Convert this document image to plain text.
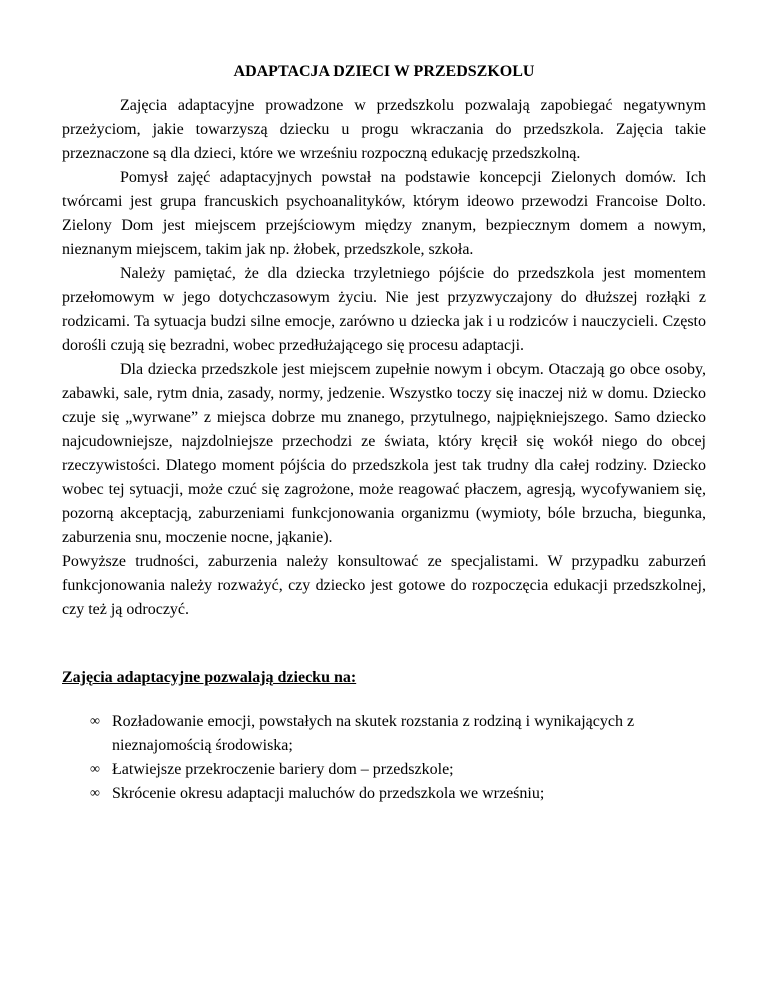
ADAPTACJA DZIECI W PRZEDSZKOLU

Zajęcia adaptacyjne prowadzone w przedszkolu pozwalają zapobiegać negatywnym przeżyciom, jakie towarzyszą dziecku u progu wkraczania do przedszkola. Zajęcia takie przeznaczone są dla dzieci, które we wrześniu rozpoczną edukację przedszkolną.

Pomysł zajęć adaptacyjnych powstał na podstawie koncepcji Zielonych domów. Ich twórcami jest grupa francuskich psychoanalityków, którym ideowo przewodzi Francoise Dolto. Zielony Dom jest miejscem przejściowym między znanym, bezpiecznym domem a nowym, nieznanym miejscem, takim jak np. żłobek, przedszkole, szkoła.

Należy pamiętać, że dla dziecka trzyletniego pójście do przedszkola jest momentem przełomowym w jego dotychczasowym życiu. Nie jest przyzwyczajony do dłuższej rozłąki z rodzicami. Ta sytuacja budzi silne emocje, zarówno u dziecka jak i u rodziców i nauczycieli. Często dorośli czują się bezradni, wobec przedłużającego się procesu adaptacji.

Dla dziecka przedszkole jest miejscem zupełnie nowym i obcym. Otaczają go obce osoby, zabawki, sale, rytm dnia, zasady, normy, jedzenie. Wszystko toczy się inaczej niż w domu. Dziecko czuje się „wyrwane” z miejsca dobrze mu znanego, przytulnego, najpiękniejszego. Samo dziecko najcudowniejsze, najzdolniejsze przechodzi ze świata, który kręcił się wokół niego do obcej rzeczywistości. Dlatego moment pójścia do przedszkola jest tak trudny dla całej rodziny. Dziecko wobec tej sytuacji, może czuć się zagrożone, może reagować płaczem, agresją, wycofywaniem się, pozorną akceptacją, zaburzeniami funkcjonowania organizmu (wymioty, bóle brzucha, biegunka, zaburzenia snu, moczenie nocne, jąkanie).

Powyższe trudności, zaburzenia należy konsultować ze specjalistami. W przypadku zaburzeń funkcjonowania należy rozważyć, czy dziecko jest gotowe do rozpoczęcia edukacji przedszkolnej, czy też ją odroczyć.

Zajęcia adaptacyjne pozwalają dziecku na:
∞ Rozładowanie emocji, powstałych na skutek rozstania z rodziną i wynikających z nieznajomością środowiska;
∞ Łatwiejsze przekroczenie bariery dom – przedszkole;
∞ Skrócenie okresu adaptacji maluchów do przedszkola we wrześniu;
